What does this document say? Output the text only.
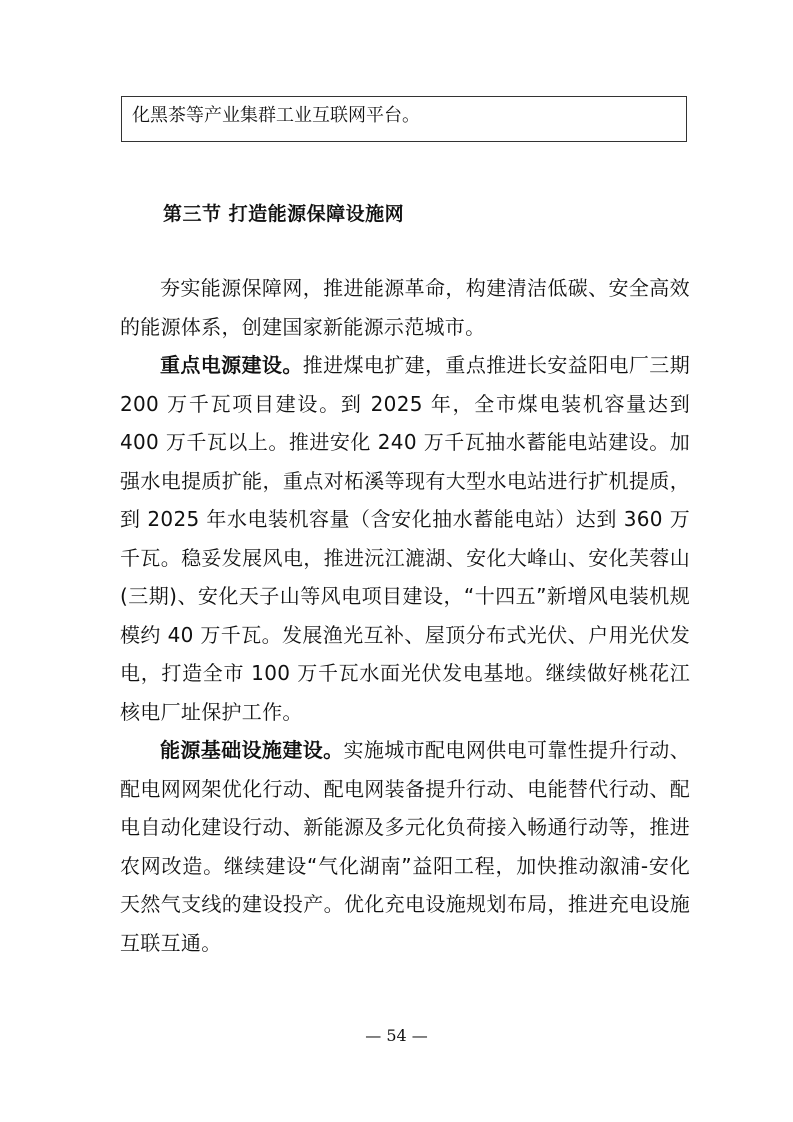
化黑茶等产业集群工业互联网平台。
第三节 打造能源保障设施网

夯实能源保障网，推进能源革命，构建清洁低碳、安全高效的能源体系，创建国家新能源示范城市。

重点电源建设。推进煤电扩建，重点推进长安益阳电厂三期 200 万千瓦项目建设。到 2025 年，全市煤电装机容量达到 400 万千瓦以上。推进安化 240 万千瓦抽水蓄能电站建设。加强水电提质扩能，重点对柘溪等现有大型水电站进行扩机提质，到 2025 年水电装机容量（含安化抽水蓄能电站）达到 360 万千瓦。稳妥发展风电，推进沅江漉湖、安化大峰山、安化芙蓉山(三期)、安化天子山等风电项目建设，“十四五”新增风电装机规模约 40 万千瓦。发展渔光互补、屋顶分布式光伏、户用光伏发电，打造全市 100 万千瓦水面光伏发电基地。继续做好桃花江核电厂址保护工作。

能源基础设施建设。实施城市配电网供电可靠性提升行动、配电网网架优化行动、配电网装备提升行动、电能替代行动、配电自动化建设行动、新能源及多元化负荷接入畅通行动等，推进农网改造。继续建设“气化湖南”益阳工程，加快推动溆浦-安化天然气支线的建设投产。优化充电设施规划布局，推进充电设施互联互通。

— 54 —
